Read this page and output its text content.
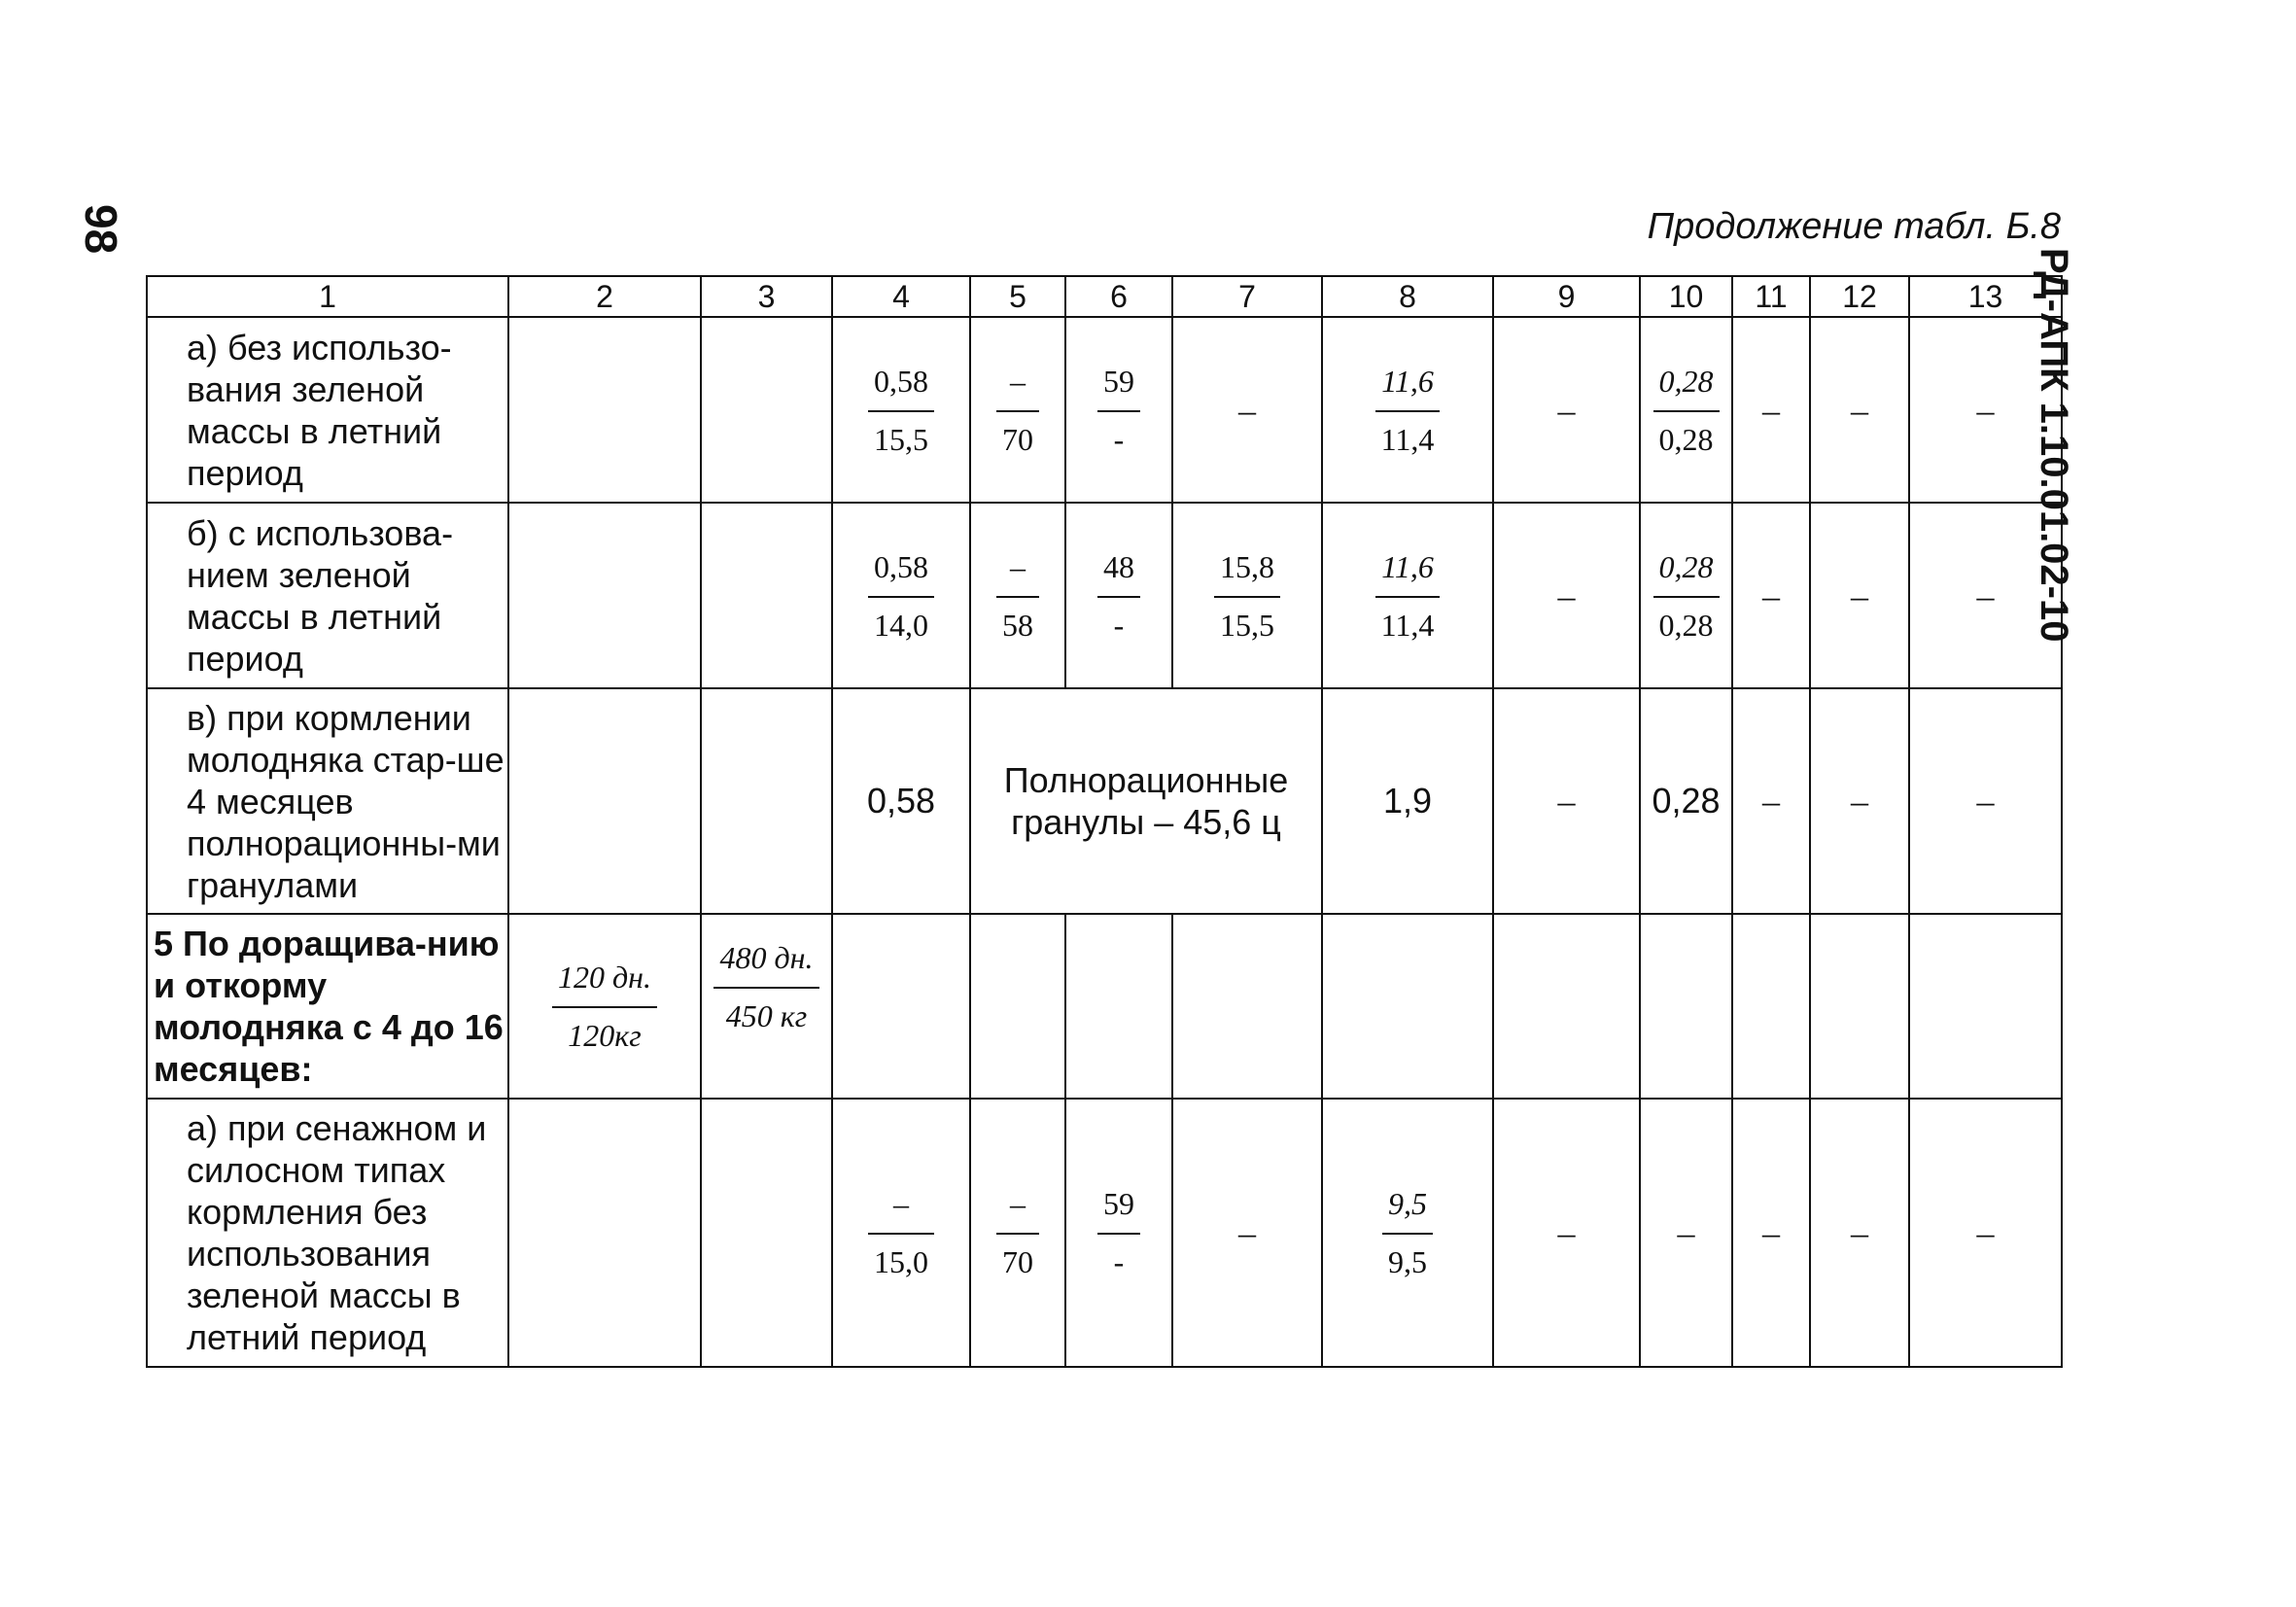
98
РД-АПК 1.10.01.02-10
Продолжение табл. Б.8
1	2	3	4	5	6	7	8	9	10	11	12	13
а) без использо-вания зеленой массы в летний период			$\frac{0,58}{15,5}$	$\frac{-}{70}$	$\frac{59}{-}$	–	$\frac{11,6}{11,4}$	–	$\frac{0,28}{0,28}$	–	–	–
б) с использова-нием зеленой массы в летний период			$\frac{0,58}{14,0}$	$\frac{-}{58}$	$\frac{48}{-}$	$\frac{15,8}{15,5}$	$\frac{11,6}{11,4}$	–	$\frac{0,28}{0,28}$	–	–	–
в) при кормлении молодняка стар-ше 4 месяцев полнорационны-ми гранулами			0,58	Полнорационные гранулы – 45,6 ц			1,9	–	0,28	–	–	–
5 По доращива-нию и откорму молодняка с 4 до 16 месяцев:	$\frac{120 дн.}{120кг}$	$\frac{480 дн.}{450 кг}$

а) при сенажном и силосном типах кормления без использования зеленой массы в летний период			$\frac{-}{15,0}$	$\frac{-}{70}$	$\frac{59}{-}$	–	$\frac{9,5}{9,5}$	–	–	–	–	–
